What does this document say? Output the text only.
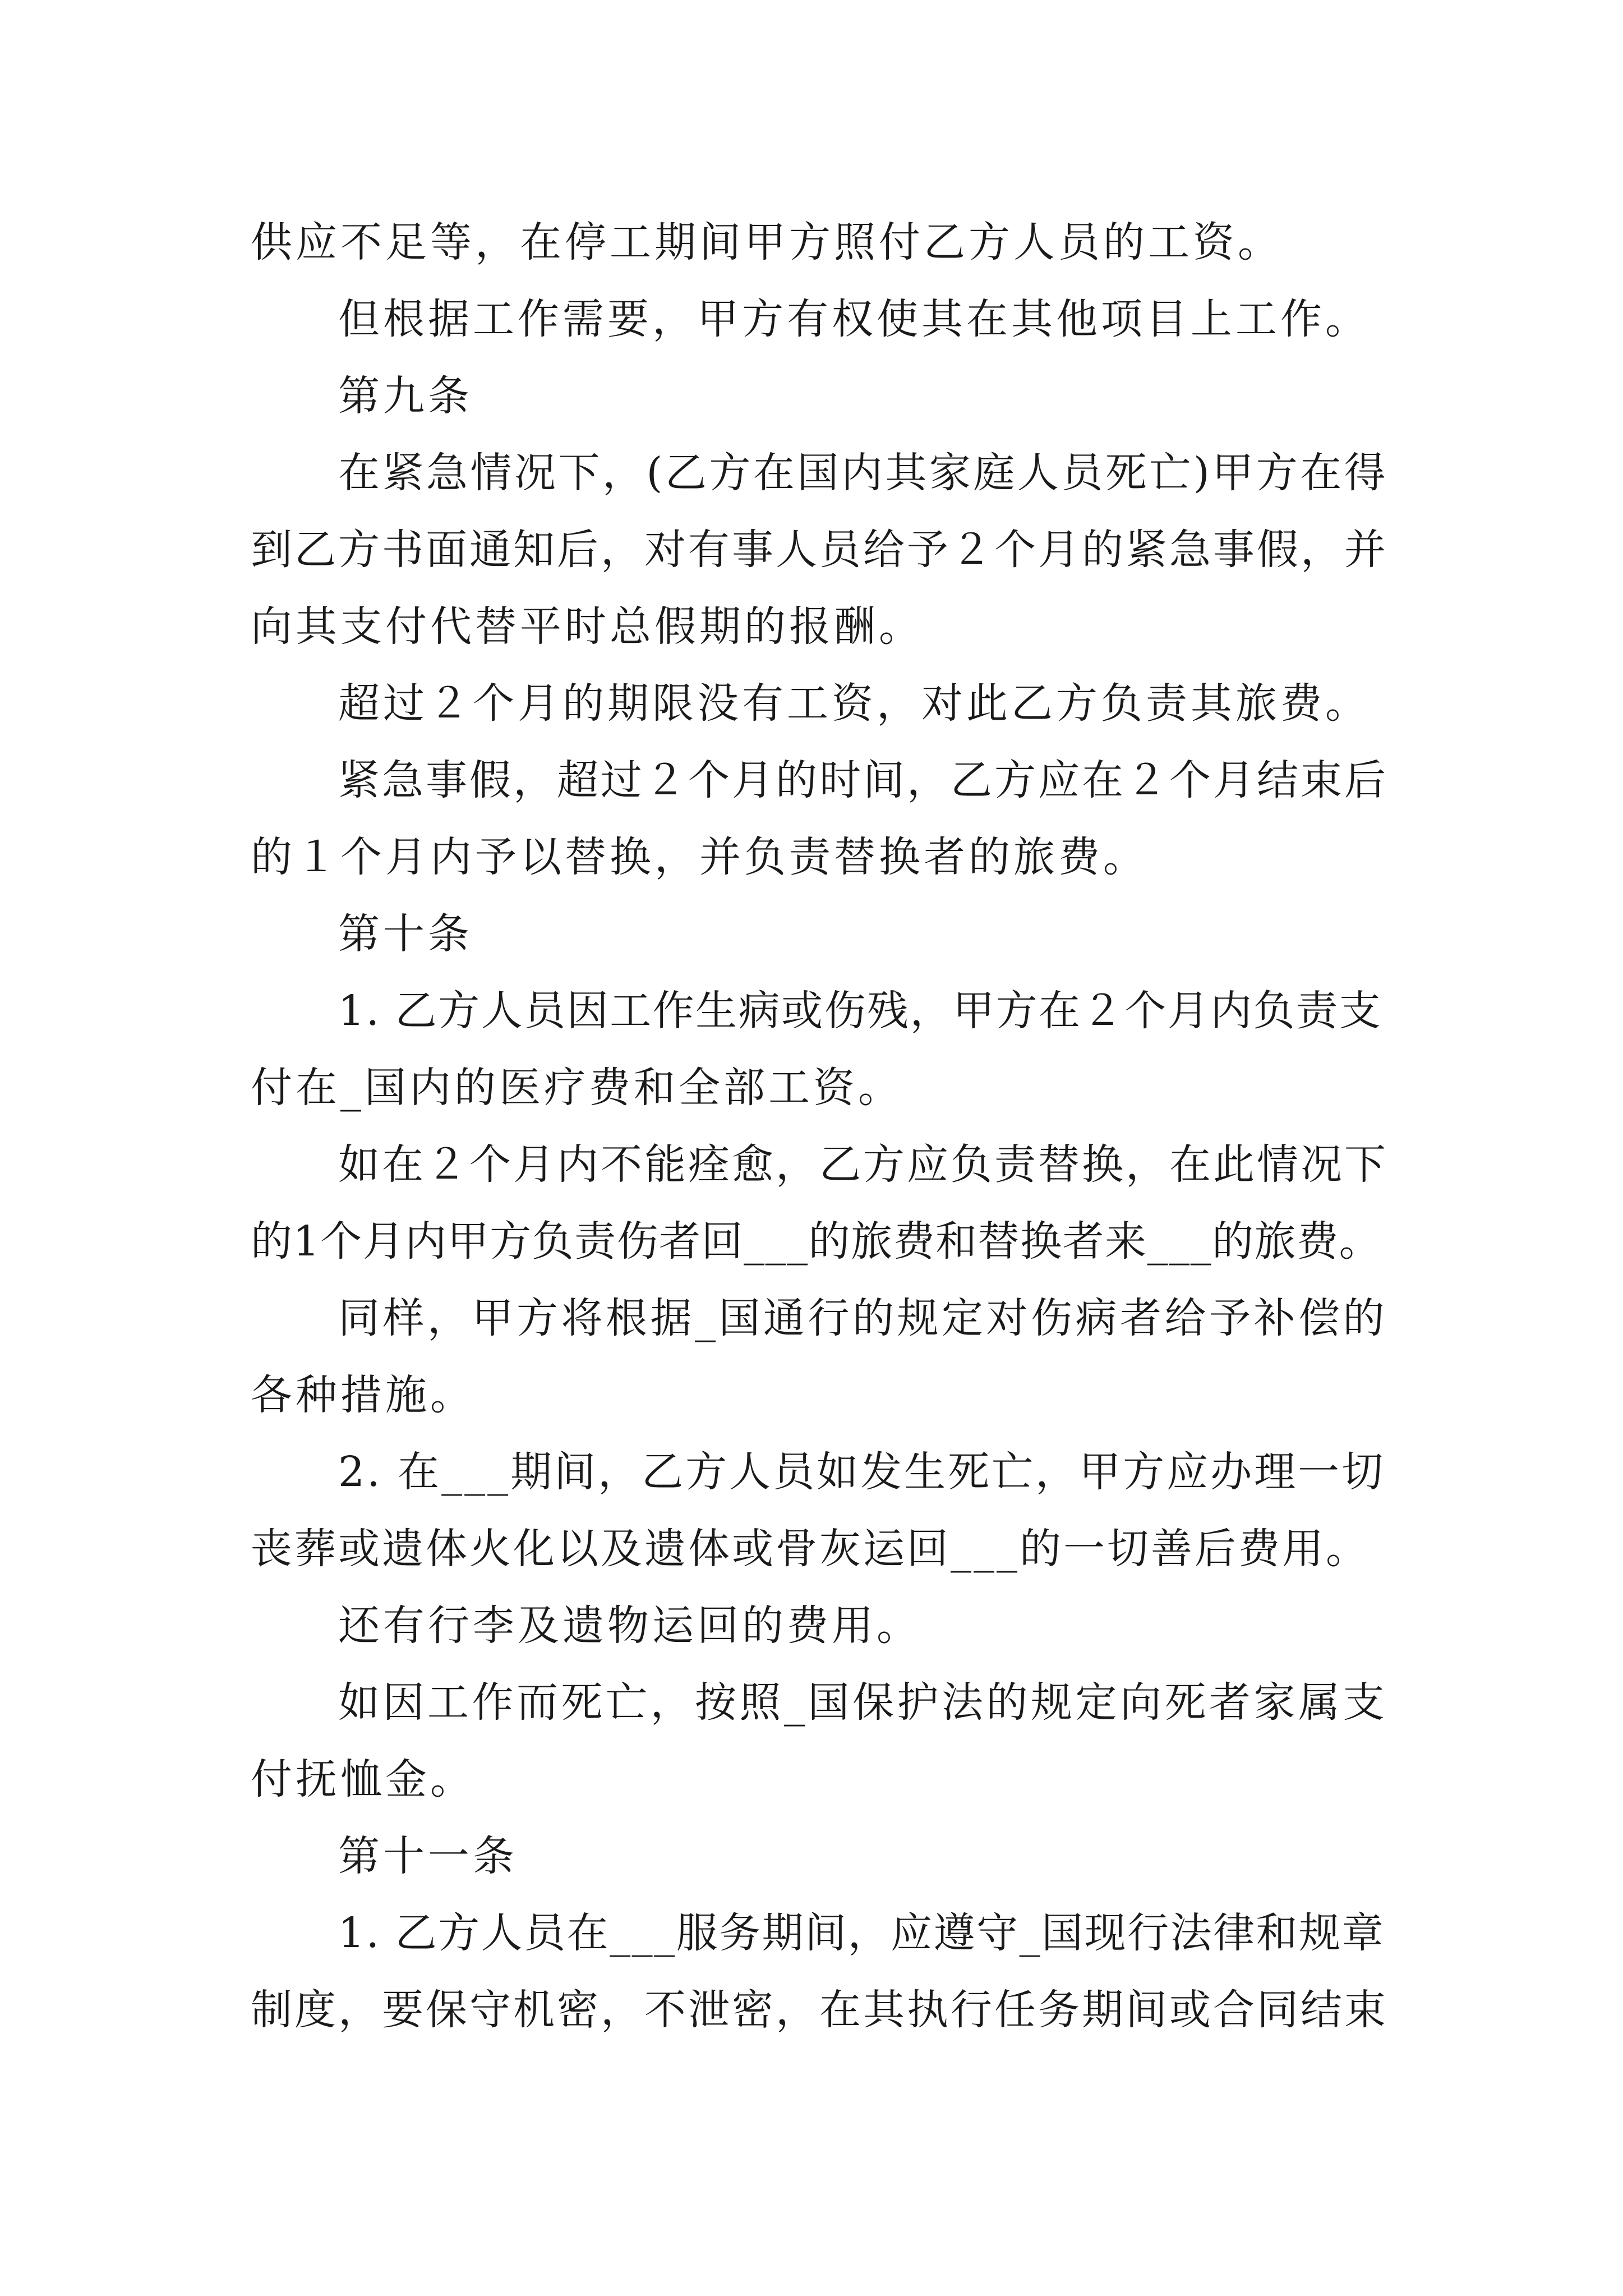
供应不足等，在停工期间甲方照付乙方人员的工资。
但根据工作需要，甲方有权使其在其他项目上工作。
第九条
在紧急情况下，(乙方在国内其家庭人员死亡)甲方在得
到乙方书面通知后，对有事人员给予２个月的紧急事假，并
向其支付代替平时总假期的报酬。
超过２个月的期限没有工资，对此乙方负责其旅费。
紧急事假，超过２个月的时间，乙方应在２个月结束后
的１个月内予以替换，并负责替换者的旅费。
第十条
1. 乙方人员因工作生病或伤残，甲方在２个月内负责支
付在_国内的医疗费和全部工资。
如在２个月内不能痊愈，乙方应负责替换，在此情况下
的1个月内甲方负责伤者回___的旅费和替换者来___的旅费。
同样，甲方将根据_国通行的规定对伤病者给予补偿的
各种措施。
2. 在___期间，乙方人员如发生死亡，甲方应办理一切
丧葬或遗体火化以及遗体或骨灰运回___的一切善后费用。
还有行李及遗物运回的费用。
如因工作而死亡，按照_国保护法的规定向死者家属支
付抚恤金。
第十一条
1. 乙方人员在___服务期间，应遵守_国现行法律和规章
制度，要保守机密，不泄密，在其执行任务期间或合同结束
